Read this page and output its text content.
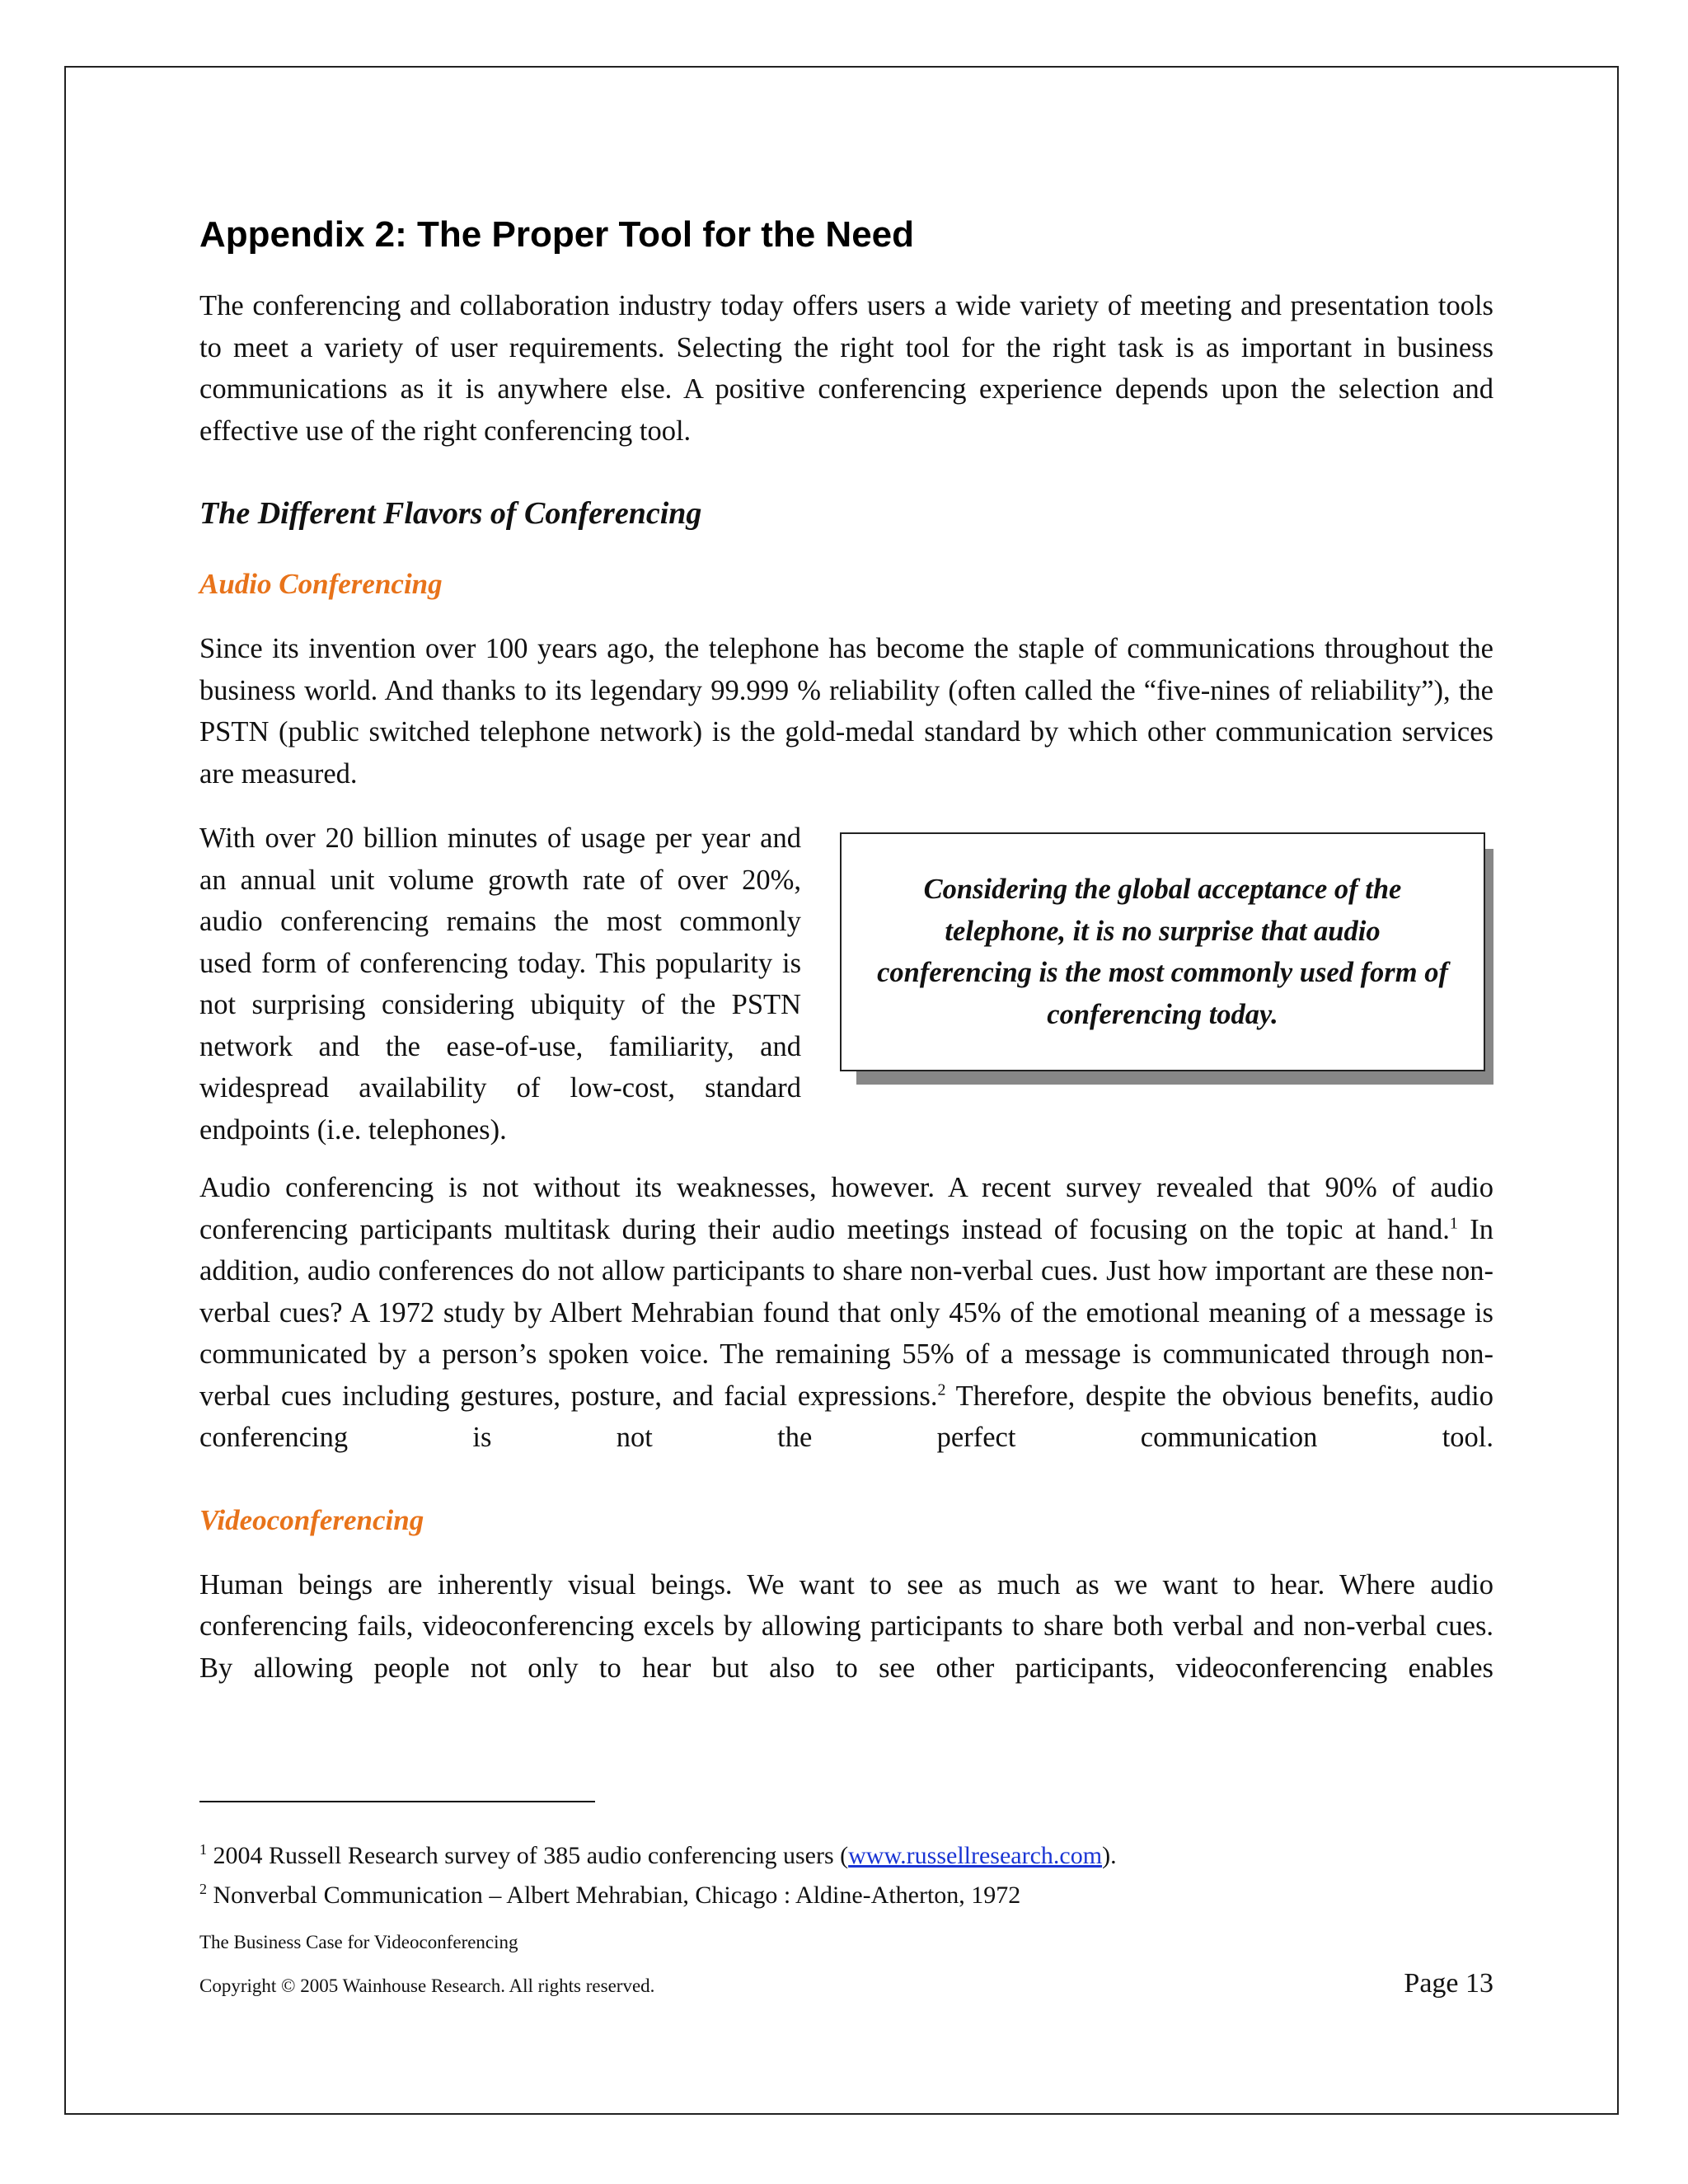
Appendix 2: The Proper Tool for the Need

The conferencing and collaboration industry today offers users a wide variety of meeting and presentation tools to meet a variety of user requirements. Selecting the right tool for the right task is as important in business communications as it is anywhere else. A positive conferencing experience depends upon the selection and effective use of the right conferencing tool.

The Different Flavors of Conferencing
Audio Conferencing

Since its invention over 100 years ago, the telephone has become the staple of communications throughout the business world. And thanks to its legendary 99.999 % reliability (often called the “five-nines of reliability”), the PSTN (public switched telephone network) is the gold-medal standard by which other communication services are measured.

With over 20 billion minutes of usage per year and an annual unit volume growth rate of over 20%, audio conferencing remains the most commonly used form of conferencing today. This popularity is not surprising considering ubiquity of the PSTN network and the ease-of-use, familiarity, and widespread availability of low-cost, standard endpoints (i.e. telephones).

Considering the global acceptance of the telephone, it is no surprise that audio conferencing is the most commonly used form of conferencing today.

Audio conferencing is not without its weaknesses, however. A recent survey revealed that 90% of audio conferencing participants multitask during their audio meetings instead of focusing on the topic at hand.$^1$ In addition, audio conferences do not allow participants to share non-verbal cues. Just how important are these non-verbal cues? A 1972 study by Albert Mehrabian found that only 45% of the emotional meaning of a message is communicated by a person’s spoken voice. The remaining 55% of a message is communicated through non-verbal cues including gestures, posture, and facial expressions.$^2$ Therefore, despite the obvious benefits, audio conferencing is not the perfect communication tool.

Videoconferencing

Human beings are inherently visual beings. We want to see as much as we want to hear. Where audio conferencing fails, videoconferencing excels by allowing participants to share both verbal and non-verbal cues. By allowing people not only to hear but also to see other participants, videoconferencing enables

$^1$ 2004 Russell Research survey of 385 audio conferencing users (www.russellresearch.com).
$^2$ Nonverbal Communication – Albert Mehrabian, Chicago : Aldine-Atherton, 1972
The Business Case for Videoconferencing
Copyright © 2005 Wainhouse Research. All rights reserved.	Page 13
